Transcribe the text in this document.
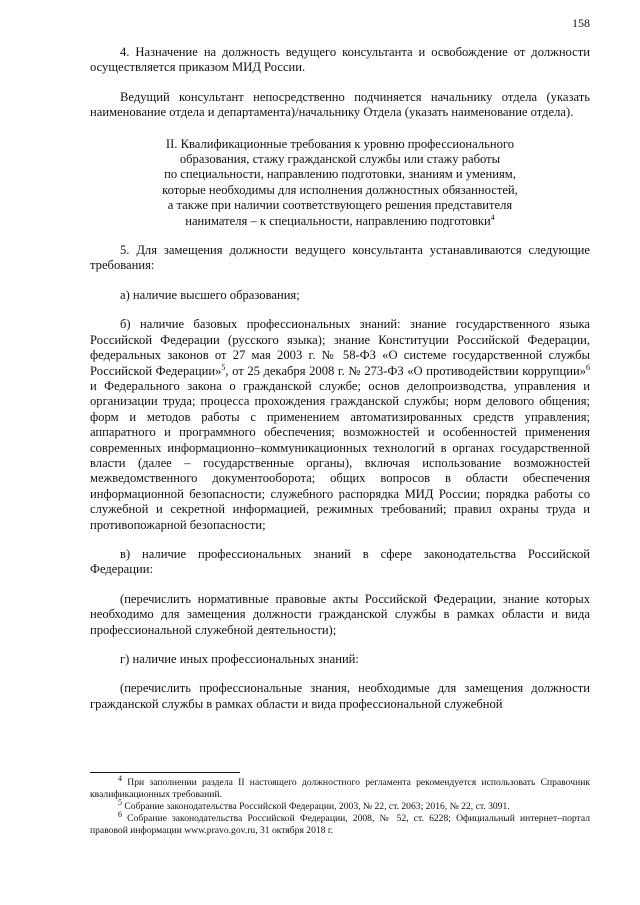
158

4. Назначение на должность ведущего консультанта и освобождение от должности осуществляется приказом МИД России.

Ведущий консультант непосредственно подчиняется начальнику отдела (указать наименование отдела и департамента)/начальнику Отдела (указать наименование отдела).

II. Квалификационные требования к уровню профессионального
образования, стажу гражданской службы или стажу работы
по специальности, направлению подготовки, знаниям и умениям,
которые необходимы для исполнения должностных обязанностей,
а также при наличии соответствующего решения представителя
нанимателя – к специальности, направлению подготовки$^4$

5. Для замещения должности ведущего консультанта устанавливаются следующие требования:

а) наличие высшего образования;

б) наличие базовых профессиональных знаний: знание государственного языка Российской Федерации (русского языка); знание Конституции Российской Федерации, федеральных законов от 27 мая 2003 г. № 58-ФЗ «О системе государственной службы Российской Федерации»$^5$, от 25 декабря 2008 г. № 273-ФЗ «О противодействии коррупции»$^6$ и Федерального закона о гражданской службе; основ делопроизводства, управления и организации труда; процесса прохождения гражданской службы; норм делового общения; форм и методов работы с применением автоматизированных средств управления; аппаратного и программного обеспечения; возможностей и особенностей применения современных информационно–коммуникационных технологий в органах государственной власти (далее – государственные органы), включая использование возможностей межведомственного документооборота; общих вопросов в области обеспечения информационной безопасности; служебного распорядка МИД России; порядка работы со служебной и секретной информацией, режимных требований; правил охраны труда и противопожарной безопасности;

в) наличие профессиональных знаний в сфере законодательства Российской Федерации:

(перечислить нормативные правовые акты Российской Федерации, знание которых необходимо для замещения должности гражданской службы в рамках области и вида профессиональной служебной деятельности);

г) наличие иных профессиональных знаний:

(перечислить профессиональные знания, необходимые для замещения должности гражданской службы в рамках области и вида профессиональной служебной

$^4$ При заполнении раздела II настоящего должностного регламента рекомендуется использовать Справочник квалификационных требований.

$^5$ Собрание законодательства Российской Федерации, 2003, № 22, ст. 2063; 2016, № 22, ст. 3091.

$^6$ Собрание законодательства Российской Федерации, 2008, № 52, ст. 6228; Официальный интернет–портал правовой информации www.pravo.gov.ru, 31 октября 2018 г.
